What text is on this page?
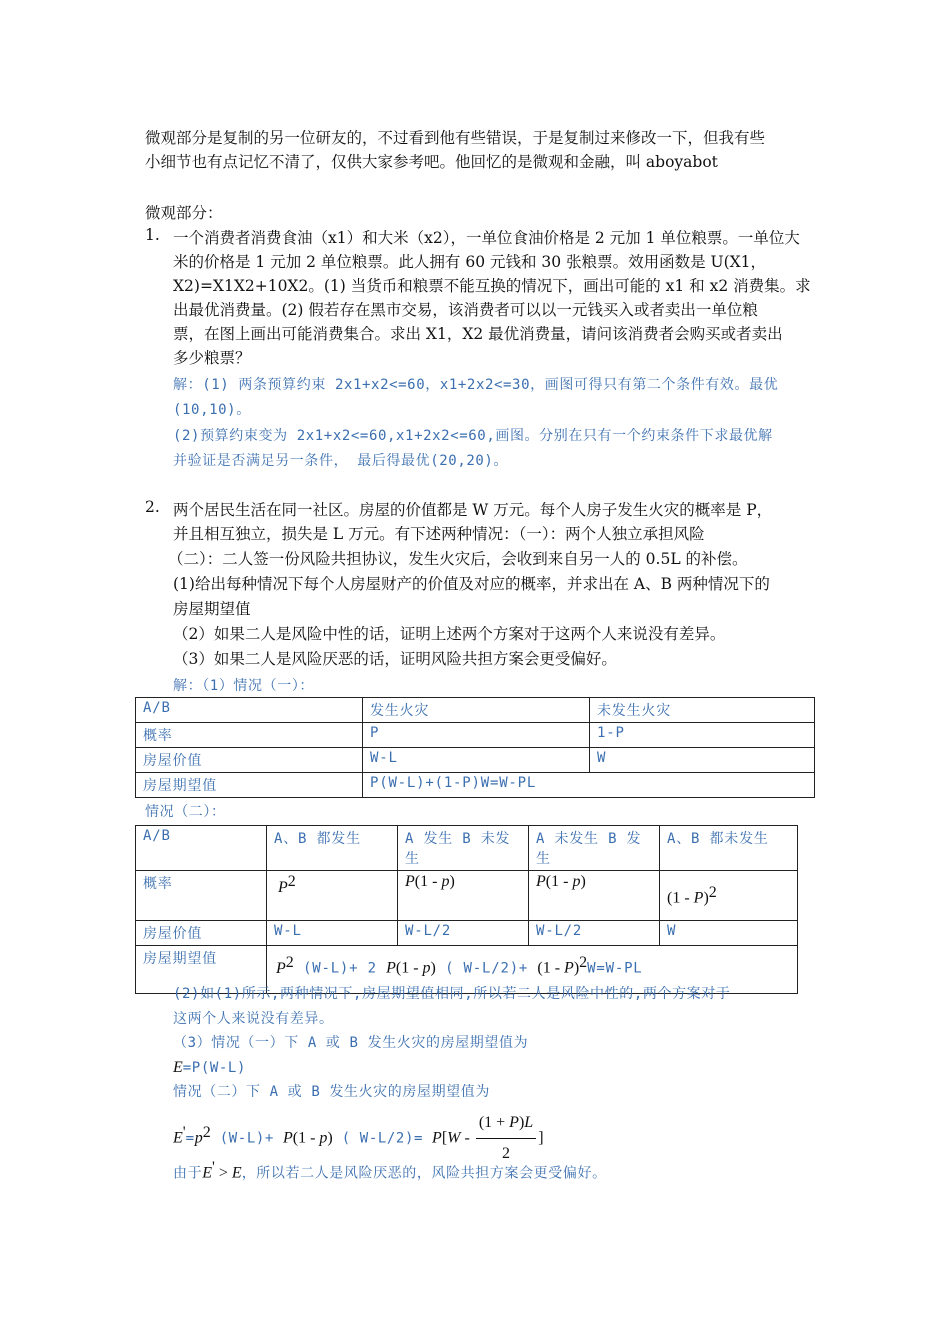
微观部分是复制的另一位研友的，不过看到他有些错误，于是复制过来修改一下，但我有些
小细节也有点记忆不清了，仅供大家参考吧。他回忆的是微观和金融，叫 aboyabot
微观部分：
1. 一个消费者消费食油（x1）和大米（x2），一单位食油价格是 2 元加 1 单位粮票。一单位大
米的价格是 1 元加 2 单位粮票。此人拥有 60 元钱和 30 张粮票。效用函数是 U(X1，
X2)=X1X2+10X2。(1) 当货币和粮票不能互换的情况下，画出可能的 x1 和 x2 消费集。求
出最优消费量。(2) 假若存在黑市交易，该消费者可以以一元钱买入或者卖出一单位粮
票，在图上画出可能消费集合。求出 X1，X2 最优消费量，请问该消费者会购买或者卖出
多少粮票？
解：(1) 两条预算约束 2x1+x2<=60，x1+2x2<=30，画图可得只有第二个条件有效。最优
(10,10)。
(2)预算约束变为 2x1+x2<=60,x1+2x2<=60,画图。分别在只有一个约束条件下求最优解
并验证是否满足另一条件， 最后得最优(20,20)。
2. 两个居民生活在同一社区。房屋的价值都是 W 万元。每个人房子发生火灾的概率是 P，
并且相互独立，损失是 L 万元。有下述两种情况：（一）：两个人独立承担风险
（二）：二人签一份风险共担协议，发生火灾后，会收到来自另一人的 0.5L 的补偿。
(1)给出每种情况下每个人房屋财产的价值及对应的概率，并求出在 A、B 两种情况下的
房屋期望值
（2）如果二人是风险中性的话，证明上述两个方案对于这两个人来说没有差异。
（3）如果二人是风险厌恶的话，证明风险共担方案会更受偏好。
解：（1）情况（一）：
A/B	发生火灾	未发生火灾
概率	P	1-P
房屋价值	W-L	W
房屋期望值	P(W-L)+(1-P)W=W-PL	
情况（二）：
A/B	A、B 都发生	A 发生 B 未发生	A 未发生 B 发生	A、B 都未发生
概率	$P^2$	P(1 - p)	P(1 - p)	(1 - P)$^2$
房屋价值	W-L	W-L/2	W-L/2	W
房屋期望值	$P^2$ (W-L)+ 2 P(1 - p) ( W-L/2)+ (1 - P)$^2$W=W-PL			
(2)如(1)所示,两种情况下,房屋期望值相同,所以若二人是风险中性的,两个方案对于
这两个人来说没有差异。
（3）情况（一）下 A 或 B 发生火灾的房屋期望值为
E=P(W-L)
情况（二）下 A 或 B 发生火灾的房屋期望值为
$E'=p^2$ (W-L)+ P(1 - p) ( $W-L/2)= P[W - \frac{(1 + P)L}{2}$ ]
由于E' > E，所以若二人是风险厌恶的，风险共担方案会更受偏好。
